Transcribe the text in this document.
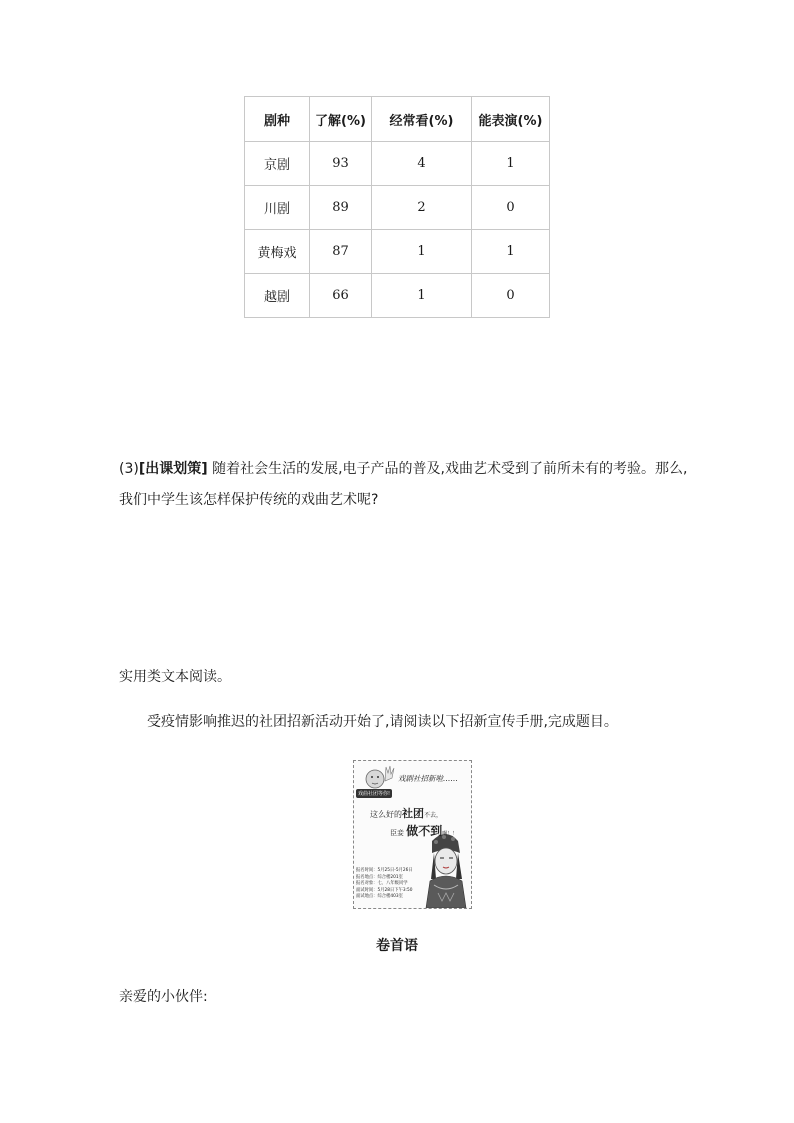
剧种	了解(%)	经常看(%)	能表演(%)
京剧	93	4	1
川剧	89	2	0
黄梅戏	87	1	1
越剧	66	1	0

(3)[出课划策] 随着社会生活的发展,电子产品的普及,戏曲艺术受到了前所未有的考验。那么,
我们中学生该怎样保护传统的戏曲艺术呢?

实用类文本阅读。

受疫情影响推迟的社团招新活动开始了,请阅读以下招新宣传手册,完成题目。

戏曲社团等你!
戏剧社招新啦……
这么好的社团不去，
臣妾 做不到啊！！
报名时间：5月25日-5月26日
报名地点：综合楼201室
报名对象：七、八年级同学
面试时间：5月28日下午3:50
面试地点：综合楼403室

卷首语

亲爱的小伙伴:
